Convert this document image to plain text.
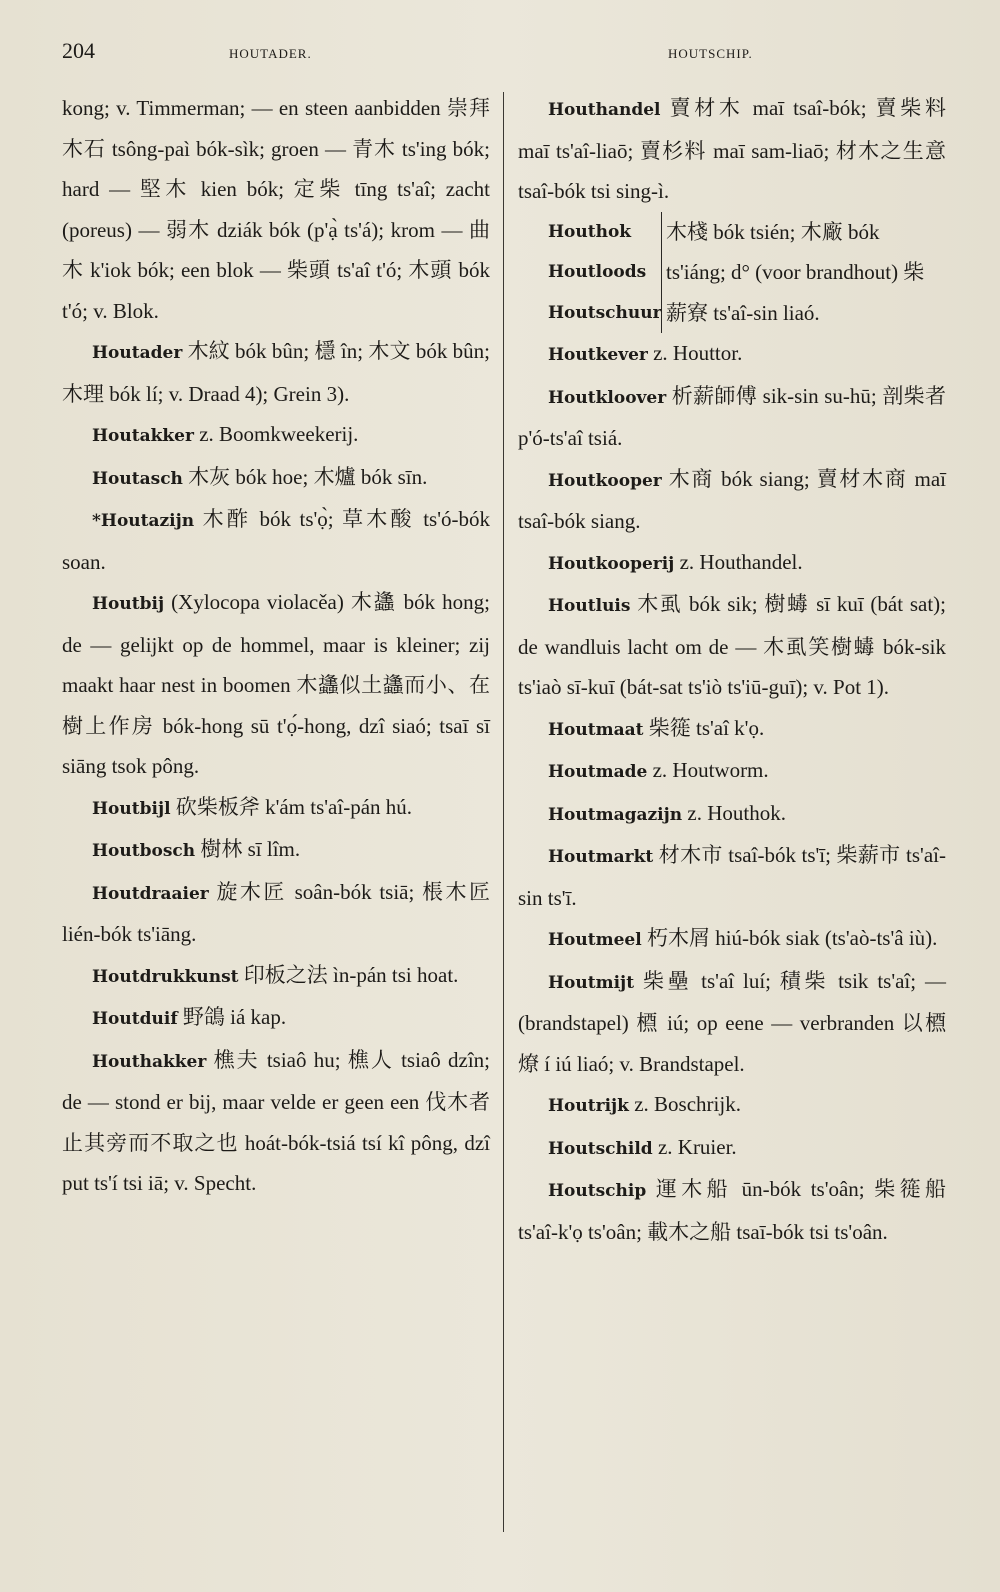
204	HOUTADER.	HOUTSCHIP.

kong; v. Timmerman; — en steen aanbidden 崇拜木石 tsông-paì bók-sìk; groen — 青木 ts'ing bók; hard — 堅木 kien bók; 定柴 tīng ts'aî; zacht (poreus) — 弱木 dziák bók (p'ạ̀ ts'á); krom — 曲木 k'iok bók; een blok — 柴頭 ts'aî t'ó; 木頭 bók t'ó; v. Blok.

Houtader 木紋 bók bûn; 檼 în; 木文 bók bûn; 木理 bók lí; v. Draad 4); Grein 3).

Houtakker z. Boomkweekerij.

Houtasch 木灰 bók hoe; 木爐 bók sīn.

*Houtazijn 木酢 bók ts'ọ̀; 草木酸 ts'ó-bók soan.

Houtbij (Xylocopa violacěa) 木蠭 bók hong; de — gelijkt op de hommel, maar is kleiner; zij maakt haar nest in boomen 木蠭似土蠭而小、在樹上作房 bók-hong sū t'ọ́-hong, dzî siaó; tsaī sī siāng tsok pông.

Houtbijl 砍柴板斧 k'ám ts'aî-pán hú.

Houtbosch 樹林 sī lîm.

Houtdraaier 旋木匠 soân-bók tsiā; 棖木匠 lién-bók ts'iāng.

Houtdrukkunst 印板之法 ìn-pán tsi hoat.

Houtduif 野鴿 iá kap.

Houthakker 樵夫 tsiaô hu; 樵人 tsiaô dzîn; de — stond er bij, maar velde er geen een 伐木者止其旁而不取之也 hoát-bók-tsiá tsí kî pông, dzî put ts'í tsi iā; v. Specht.

Houthandel 賣材木 maī tsaî-bók; 賣柴料 maī ts'aî-liaō; 賣杉料 maī sam-liaō; 材木之生意 tsaî-bók tsi sing-ì.

Houthok
Houtloods
Houtschuur
木棧 bók tsién; 木廠 bók ts'iáng; d° (voor brandhout) 柴薪寮 ts'aî-sin liaó.

Houtkever z. Houttor.

Houtkloover 析薪師傅 sik-sin su-hū; 剖柴者 p'ó-ts'aî tsiá.

Houtkooper 木商 bók siang; 賣材木商 maī tsaî-bók siang.

Houtkooperij z. Houthandel.

Houtluis 木虱 bók sik; 樹蝳 sī kuī (bát sat); de wandluis lacht om de — 木虱笑樹蝳 bók-sik ts'iaò sī-kuī (bát-sat ts'iò ts'iū-guī); v. Pot 1).

Houtmaat 柴簁 ts'aî k'ọ.

Houtmade z. Houtworm.

Houtmagazijn z. Houthok.

Houtmarkt 材木市 tsaî-bók ts'ī; 柴薪市 ts'aî-sin ts'ī.

Houtmeel 朽木屑 hiú-bók siak (ts'aò-ts'â iù).

Houtmijt 柴壘 ts'aî luí; 積柴 tsik ts'aî; — (brandstapel) 槱 iú; op eene — verbranden 以槱燎 í iú liaó; v. Brandstapel.

Houtrijk z. Boschrijk.

Houtschild z. Kruier.

Houtschip 運木船 ūn-bók ts'oân; 柴簁船 ts'aî-k'ọ ts'oân; 載木之船 tsaī-bók tsi ts'oân.
